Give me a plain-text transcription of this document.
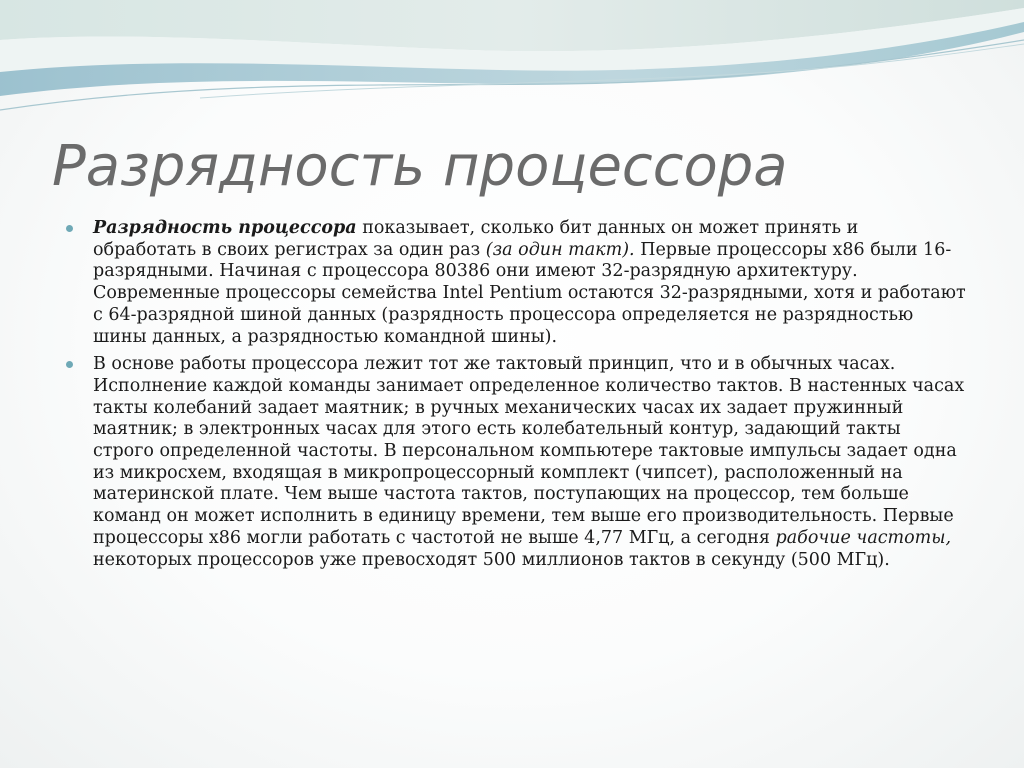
Разрядность процессора
Разрядность процессора показывает, сколько бит данных он может принять и обработать в своих регистрах за один раз (за один такт). Первые процессоры x86 были 16-разрядными. Начиная с процессора 80386 они имеют 32-разрядную архитектуру. Современные процессоры семейства Intel Pentium остаются 32-разрядными, хотя и работают с 64-разрядной шиной данных (разрядность процессора определяется не разрядностью шины данных, а разрядностью командной шины).
В основе работы процессора лежит тот же тактовый принцип, что и в обычных часах. Исполнение каждой команды занимает определенное количество тактов. В настенных часах такты колебаний задает маятник; в ручных механических часах их задает пружинный маятник; в электронных часах для этого есть колебательный контур, задающий такты строго определенной частоты. В персональном компьютере тактовые импульсы задает одна из микросхем, входящая в микропроцессорный комплект (чипсет), расположенный на материнской плате. Чем выше частота тактов, поступающих на процессор, тем больше команд он может исполнить в единицу времени, тем выше его производительность. Первые процессоры x86 могли работать с частотой не выше 4,77 МГц, а сегодня рабочие частоты, некоторых процессоров уже превосходят 500 миллионов тактов в секунду (500 МГц).
